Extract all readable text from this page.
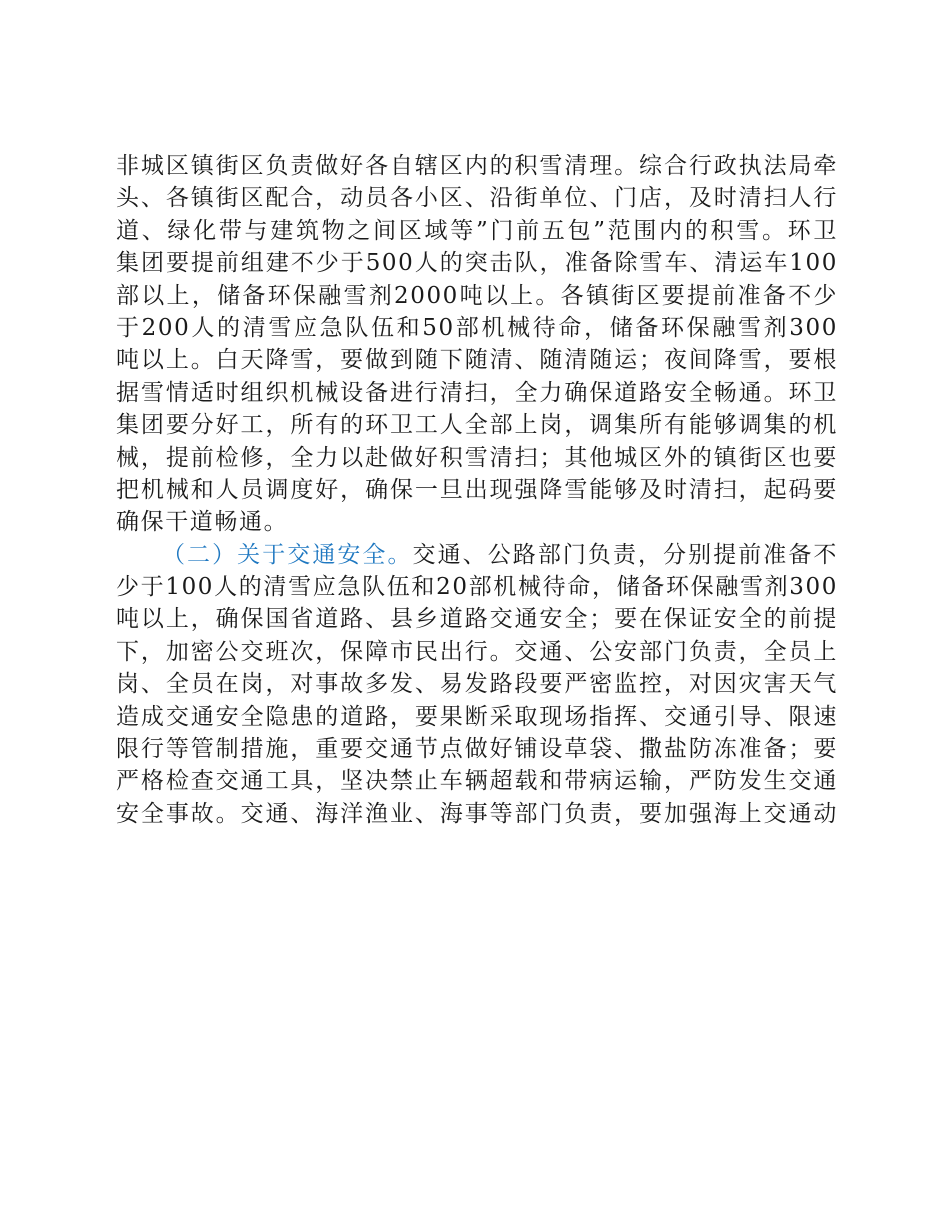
非城区镇街区负责做好各自辖区内的积雪清理。综合行政执法局牵
头、各镇街区配合，动员各小区、沿街单位、门店，及时清扫人行
道、绿化带与建筑物之间区域等”门前五包”范围内的积雪。环卫
集团要提前组建不少于500人的突击队，准备除雪车、清运车100
部以上，储备环保融雪剂2000吨以上。各镇街区要提前准备不少
于200人的清雪应急队伍和50部机械待命，储备环保融雪剂300
吨以上。白天降雪，要做到随下随清、随清随运；夜间降雪，要根
据雪情适时组织机械设备进行清扫，全力确保道路安全畅通。环卫
集团要分好工，所有的环卫工人全部上岗，调集所有能够调集的机
械，提前检修，全力以赴做好积雪清扫；其他城区外的镇街区也要
把机械和人员调度好，确保一旦出现强降雪能够及时清扫，起码要
确保干道畅通。
（二）关于交通安全。交通、公路部门负责，分别提前准备不
少于100人的清雪应急队伍和20部机械待命，储备环保融雪剂300
吨以上，确保国省道路、县乡道路交通安全；要在保证安全的前提
下，加密公交班次，保障市民出行。交通、公安部门负责，全员上
岗、全员在岗，对事故多发、易发路段要严密监控，对因灾害天气
造成交通安全隐患的道路，要果断采取现场指挥、交通引导、限速
限行等管制措施，重要交通节点做好铺设草袋、撒盐防冻准备；要
严格检查交通工具，坚决禁止车辆超载和带病运输，严防发生交通
安全事故。交通、海洋渔业、海事等部门负责，要加强海上交通动
